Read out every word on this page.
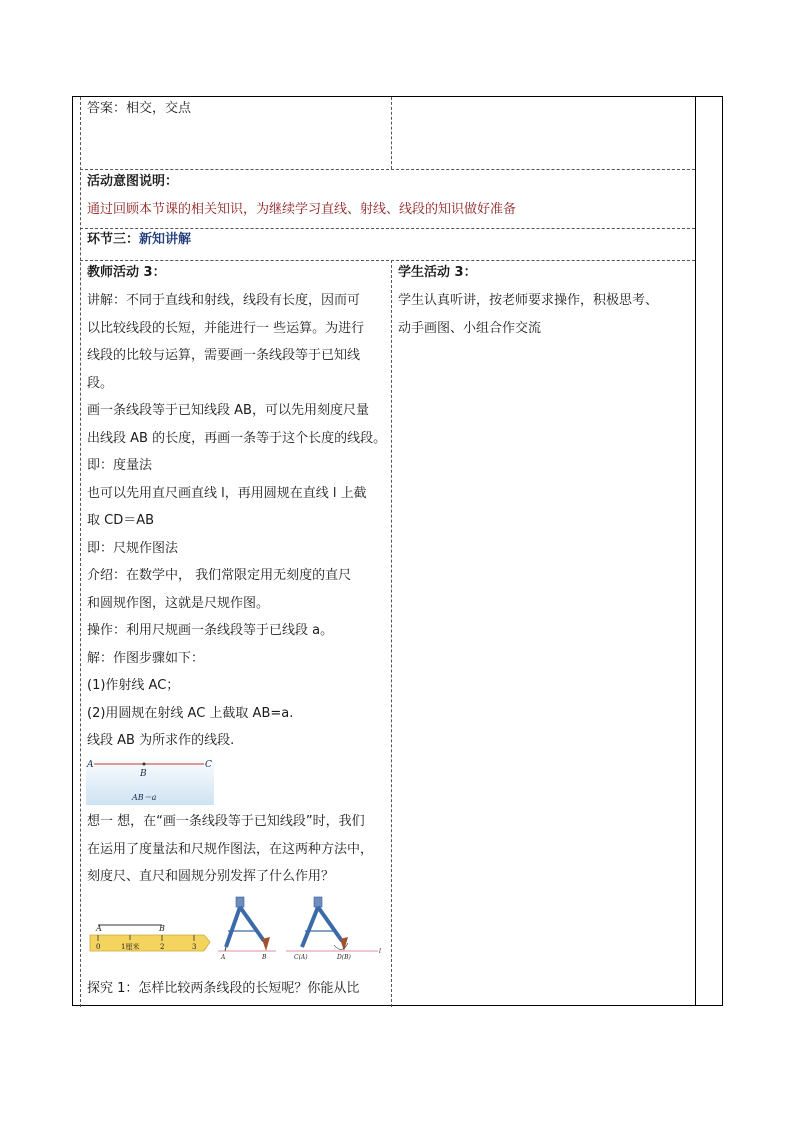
答案：相交，交点
活动意图说明：
通过回顾本节课的相关知识，为继续学习直线、射线、线段的知识做好准备
环节三：新知讲解
教师活动 3：
讲解：不同于直线和射线，线段有长度，因而可
以比较线段的长短，并能进行一 些运算。为进行
线段的比较与运算，需要画一条线段等于已知线
段。
画一条线段等于已知线段 AB，可以先用刻度尺量
出线段 AB 的长度，再画一条等于这个长度的线段。
即：度量法
也可以先用直尺画直线 l，再用圆规在直线 l 上截
取 CD＝AB
即：尺规作图法
介绍：在数学中， 我们常限定用无刻度的直尺
和圆规作图，这就是尺规作图。
操作：利用尺规画一条线段等于已线段 a。
解：作图步骤如下：
(1)作射线 AC；
(2)用圆规在射线 AC 上截取 AB=a.
线段 AB 为所求作的线段.
A
B
C
AB＝a
想一 想，在“画一条线段等于已知线段”时，我们
在运用了度量法和尺规作图法，在这两种方法中，
刻度尺、直尺和圆规分别发挥了什么作用？
A	B
0	1厘米	2	3
A	B	C(A)	D(B)
l
探究 1：怎样比较两条线段的长短呢？你能从比
学生活动 3：
学生认真听讲，按老师要求操作，积极思考、
动手画图、小组合作交流
